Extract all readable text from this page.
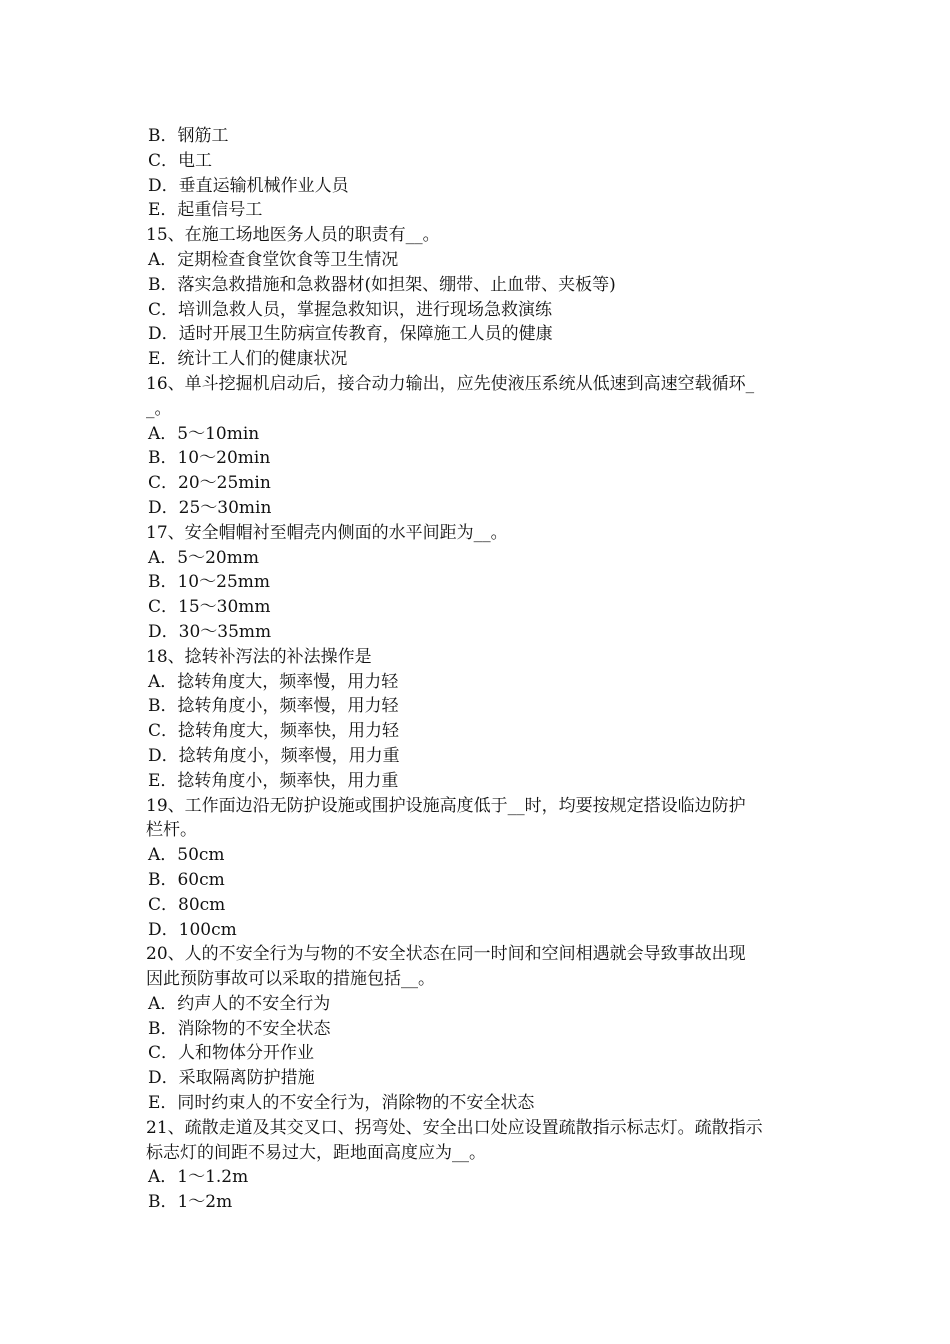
B．钢筋工
C．电工
D．垂直运输机械作业人员
E．起重信号工
15、在施工场地医务人员的职责有__。
A．定期检查食堂饮食等卫生情况
B．落实急救措施和急救器材(如担架、绷带、止血带、夹板等)
C．培训急救人员，掌握急救知识，进行现场急救演练
D．适时开展卫生防病宣传教育，保障施工人员的健康
E．统计工人们的健康状况
16、单斗挖掘机启动后，接合动力输出，应先使液压系统从低速到高速空载循环_
_。
A．5～10min
B．10～20min
C．20～25min
D．25～30min
17、安全帽帽衬至帽壳内侧面的水平间距为__。
A．5～20mm
B．10～25mm
C．15～30mm
D．30～35mm
18、捻转补泻法的补法操作是
A．捻转角度大，频率慢，用力轻
B．捻转角度小，频率慢，用力轻
C．捻转角度大，频率快，用力轻
D．捻转角度小，频率慢，用力重
E．捻转角度小，频率快，用力重
19、工作面边沿无防护设施或围护设施高度低于__时，均要按规定搭设临边防护
栏杆。
A．50cm
B．60cm
C．80cm
D．100cm
20、人的不安全行为与物的不安全状态在同一时间和空间相遇就会导致事故出现
因此预防事故可以采取的措施包括__。
A．约声人的不安全行为
B．消除物的不安全状态
C．人和物体分开作业
D．采取隔离防护措施
E．同时约束人的不安全行为，消除物的不安全状态
21、疏散走道及其交叉口、拐弯处、安全出口处应设置疏散指示标志灯。疏散指示
标志灯的间距不易过大，距地面高度应为__。
A．1～1.2m
B．1～2m
